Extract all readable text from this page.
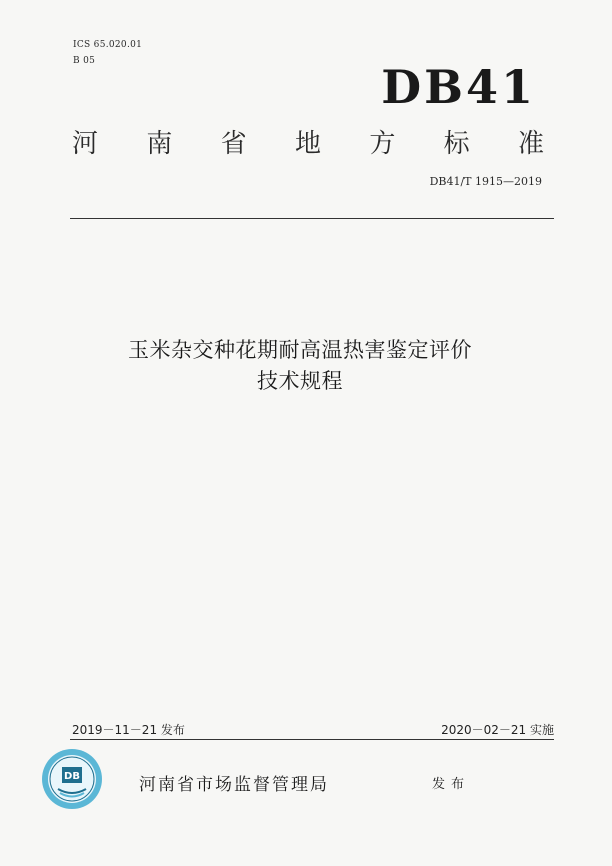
ICS 65.020.01
B 05	DB41
河 南 省 地 方 标 准
DB41/T 1915—2019
玉米杂交种花期耐高温热害鉴定评价
技术规程
2019－11－21 发布	2020－02－21 实施
DB	河南省市场监督管理局	发布
